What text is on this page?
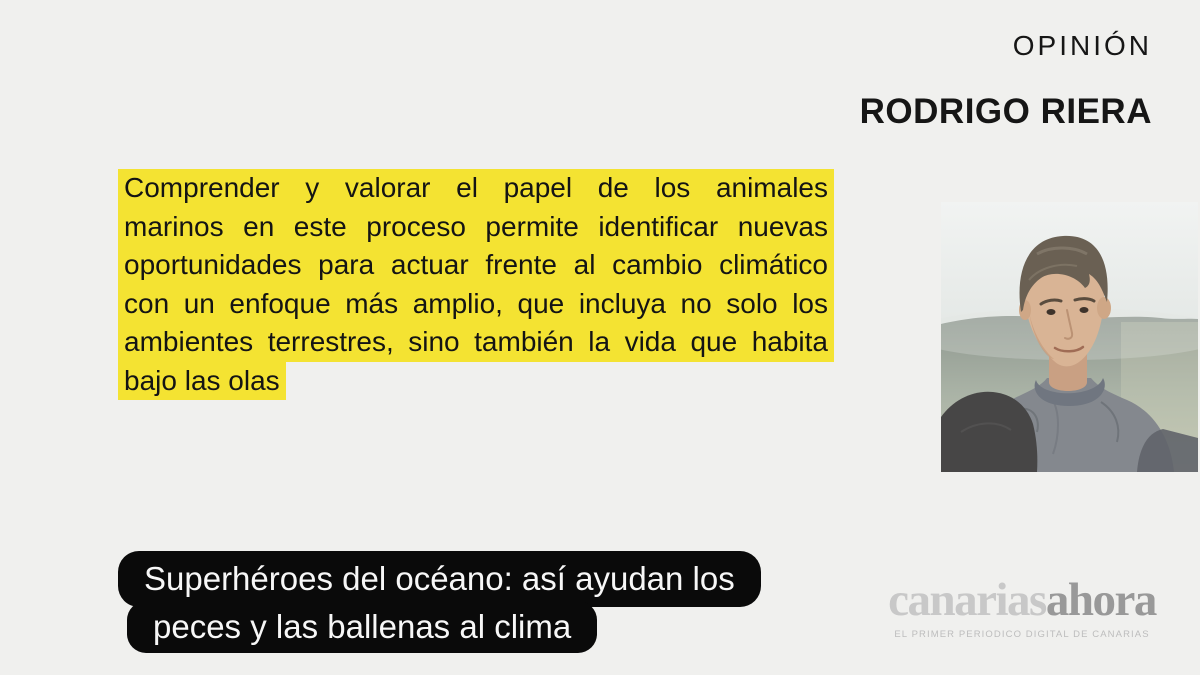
OPINIÓN
RODRIGO RIERA
Comprender y valorar el papel de los animales
marinos en este proceso permite identificar nuevas
oportunidades para actuar frente al cambio climático
con un enfoque más amplio, que incluya no solo los
ambientes terrestres, sino también la vida que habita
bajo las olas
Superhéroes del océano: así ayudan los
peces y las ballenas al clima
canariasahora
EL PRIMER PERIODICO DIGITAL DE CANARIAS
